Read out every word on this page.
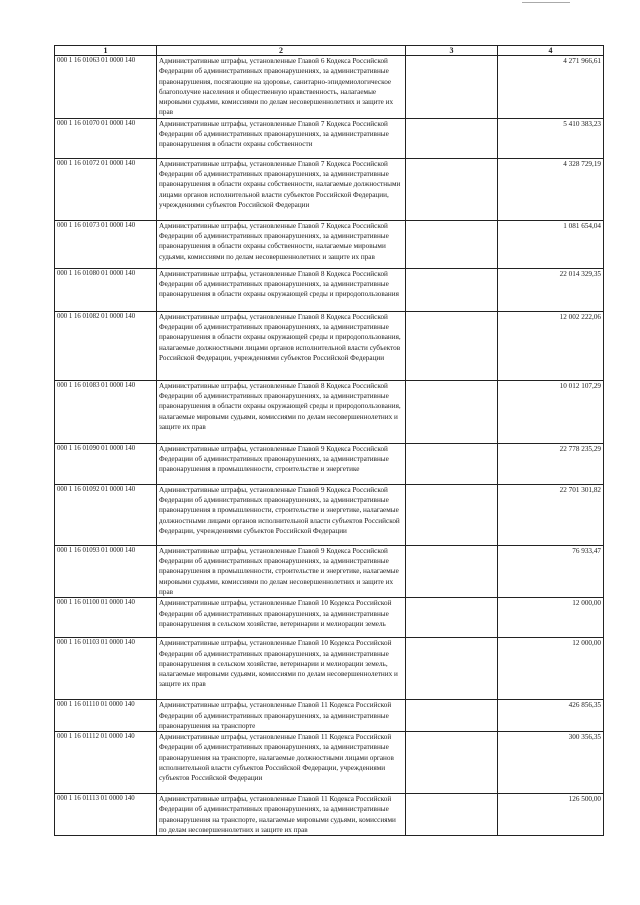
1	2	3	4
000 1 16 01063 01 0000 140	Административные штрафы, установленные Главой 6 Кодекса Российской Федерации об административных правонарушениях, за административные правонарушения, посягающие на здоровье, санитарно-эпидемиологическое благополучие населения и общественную нравственность, налагаемые мировыми судьями, комиссиями по делам несовершеннолетних и защите их прав		4 271 966,61
000 1 16 01070 01 0000 140	Административные штрафы, установленные Главой 7 Кодекса Российской Федерации об административных правонарушениях, за административные правонарушения в области охраны собственности		5 410 383,23
000 1 16 01072 01 0000 140	Административные штрафы, установленные Главой 7 Кодекса Российской Федерации об административных правонарушениях, за административные правонарушения в области охраны собственности, налагаемые должностными лицами органов исполнительной власти субъектов Российской Федерации, учреждениями субъектов Российской Федерации		4 328 729,19
000 1 16 01073 01 0000 140	Административные штрафы, установленные Главой 7 Кодекса Российской Федерации об административных правонарушениях, за административные правонарушения в области охраны собственности, налагаемые мировыми судьями, комиссиями по делам несовершеннолетних и защите их прав		1 081 654,04
000 1 16 01080 01 0000 140	Административные штрафы, установленные Главой 8 Кодекса Российской Федерации об административных правонарушениях, за административные правонарушения в области охраны окружающей среды и природопользования		22 014 329,35
000 1 16 01082 01 0000 140	Административные штрафы, установленные Главой 8 Кодекса Российской Федерации об административных правонарушениях, за административные правонарушения в области охраны окружающей среды и природопользования, налагаемые должностными лицами органов исполнительной власти субъектов Российской Федерации, учреждениями субъектов Российской Федерации		12 002 222,06
000 1 16 01083 01 0000 140	Административные штрафы, установленные Главой 8 Кодекса Российской Федерации об административных правонарушениях, за административные правонарушения в области охраны окружающей среды и природопользования, налагаемые мировыми судьями, комиссиями по делам несовершеннолетних и защите их прав		10 012 107,29
000 1 16 01090 01 0000 140	Административные штрафы, установленные Главой 9 Кодекса Российской Федерации об административных правонарушениях, за административные правонарушения в промышленности, строительстве и энергетике		22 778 235,29
000 1 16 01092 01 0000 140	Административные штрафы, установленные Главой 9 Кодекса Российской Федерации об административных правонарушениях, за административные правонарушения в промышленности, строительстве и энергетике, налагаемые должностными лицами органов исполнительной власти субъектов Российской Федерации, учреждениями субъектов Российской Федерации		22 701 301,82
000 1 16 01093 01 0000 140	Административные штрафы, установленные Главой 9 Кодекса Российской Федерации об административных правонарушениях, за административные правонарушения в промышленности, строительстве и энергетике, налагаемые мировыми судьями, комиссиями по делам несовершеннолетних и защите их прав		76 933,47
000 1 16 01100 01 0000 140	Административные штрафы, установленные Главой 10 Кодекса Российской Федерации об административных правонарушениях, за административные правонарушения в сельском хозяйстве, ветеринарии и мелиорации земель		12 000,00
000 1 16 01103 01 0000 140	Административные штрафы, установленные Главой 10 Кодекса Российской Федерации об административных правонарушениях, за административные правонарушения в сельском хозяйстве, ветеринарии и мелиорации земель, налагаемые мировыми судьями, комиссиями по делам несовершеннолетних и защите их прав		12 000,00
000 1 16 01110 01 0000 140	Административные штрафы, установленные Главой 11 Кодекса Российской Федерации об административных правонарушениях, за административные правонарушения на транспорте		426 856,35
000 1 16 01112 01 0000 140	Административные штрафы, установленные Главой 11 Кодекса Российской Федерации об административных правонарушениях, за административные правонарушения на транспорте, налагаемые должностными лицами органов исполнительной власти субъектов Российской Федерации, учреждениями субъектов Российской Федерации		300 356,35
000 1 16 01113 01 0000 140	Административные штрафы, установленные Главой 11 Кодекса Российской Федерации об административных правонарушениях, за административные правонарушения на транспорте, налагаемые мировыми судьями, комиссиями по делам несовершеннолетних и защите их прав		126 500,00
